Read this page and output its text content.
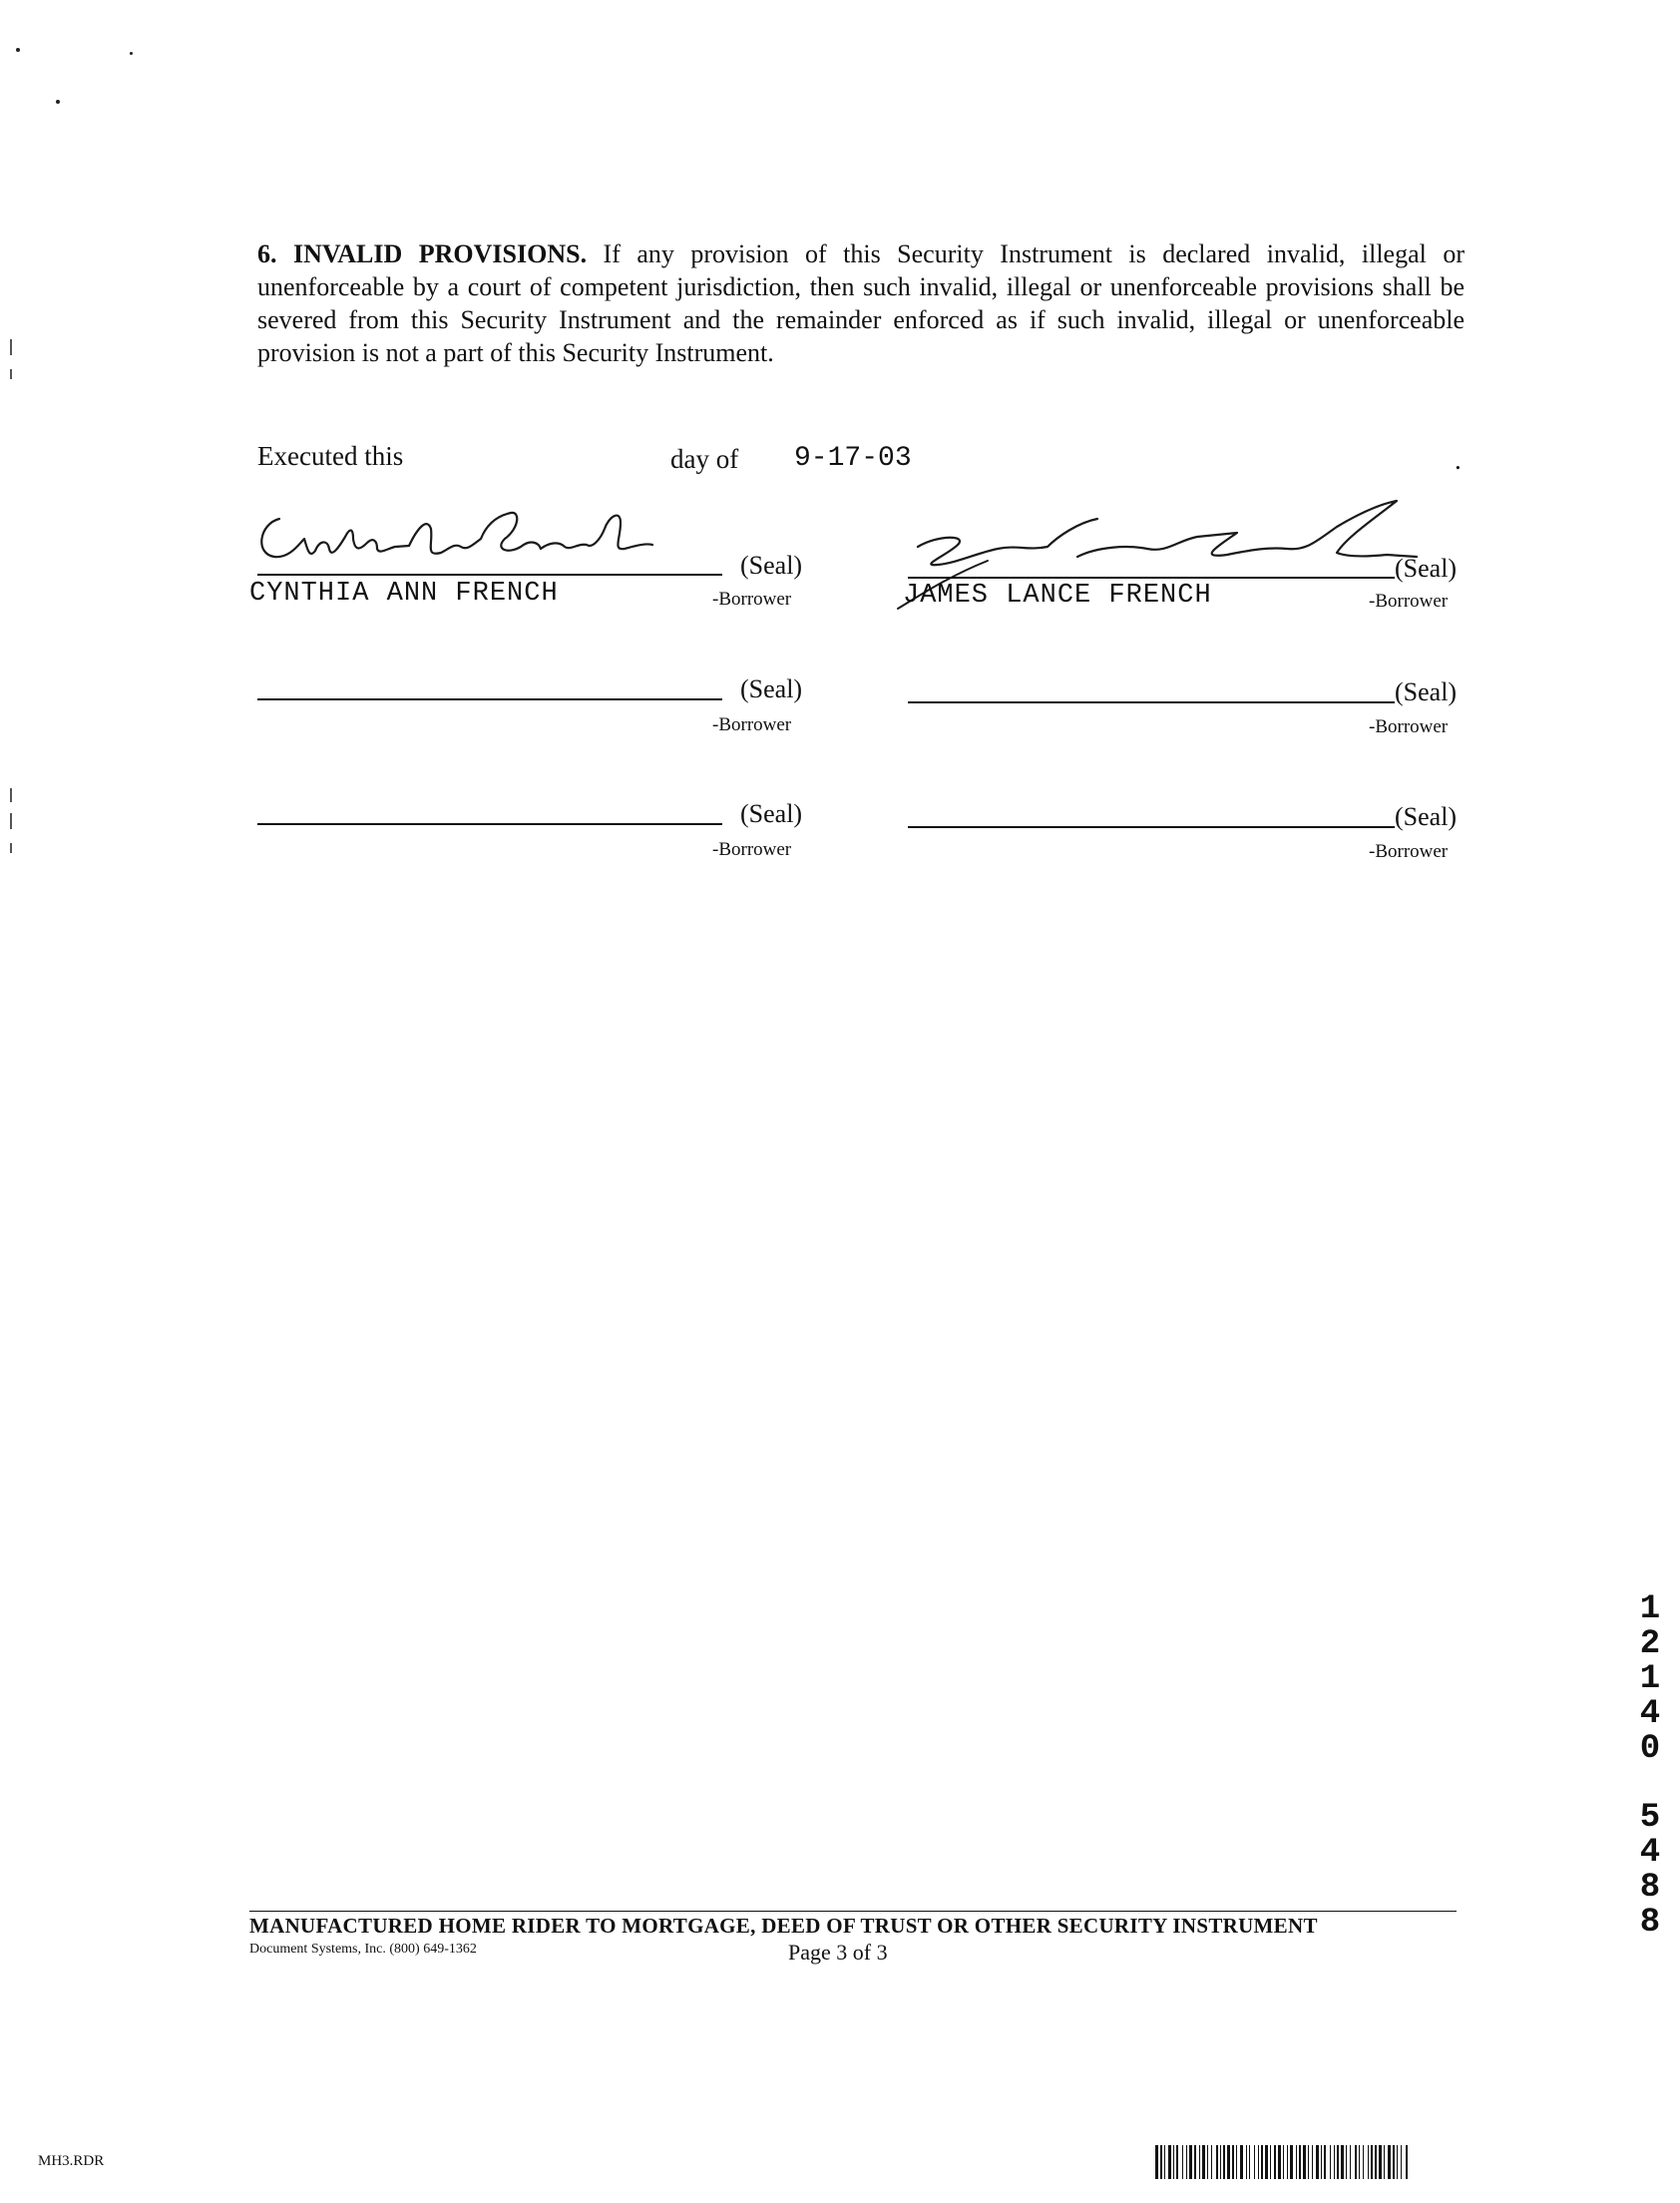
6. INVALID PROVISIONS. If any provision of this Security Instrument is declared invalid, illegal or unenforceable by a court of competent jurisdiction, then such invalid, illegal or unenforceable provisions shall be severed from this Security Instrument and the remainder enforced as if such invalid, illegal or unenforceable provision is not a part of this Security Instrument.
Executed this	day of 9-17-03	.
(Seal)
CYNTHIA ANN FRENCH	-Borrower
(Seal)
JAMES LANCE FRENCH	-Borrower
(Seal)
-Borrower
(Seal)
-Borrower
(Seal)
-Borrower
(Seal)
-Borrower
MANUFACTURED HOME RIDER TO MORTGAGE, DEED OF TRUST OR OTHER SECURITY INSTRUMENT
Document Systems, Inc. (800) 649-1362	Page 3 of 3
1
2
1
4
0
5
4
8
8
MH3.RDR
